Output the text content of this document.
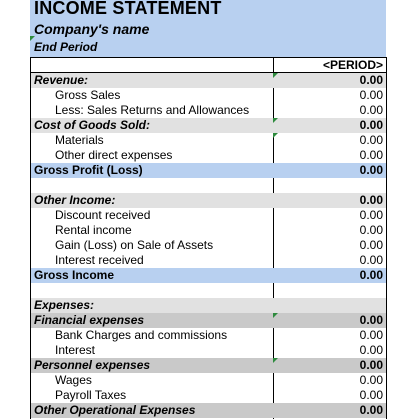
INCOME STATEMENT
Company's name
End Period
<PERIOD>
Revenue:	0.00
Gross Sales	0.00
Less: Sales Returns and Allowances	0.00
Cost of Goods Sold:	0.00
Materials	0.00
Other direct expenses	0.00
Gross Profit (Loss)	0.00
Other Income:	0.00
Discount received	0.00
Rental income	0.00
Gain (Loss) on Sale of Assets	0.00
Interest received	0.00
Gross Income	0.00
Expenses:
Financial expenses	0.00
Bank Charges and commissions	0.00
Interest	0.00
Personnel expenses	0.00
Wages	0.00
Payroll Taxes	0.00
Other Operational Expenses	0.00
